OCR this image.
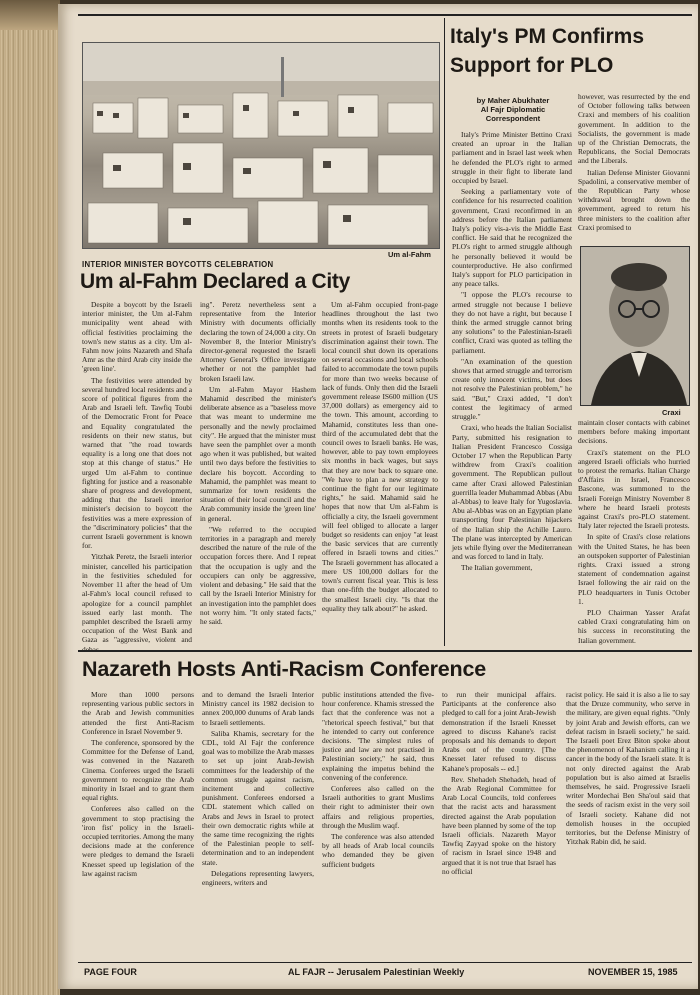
Um al-Fahm
INTERIOR MINISTER BOYCOTTS CELEBRATION
Um al-Fahm Declared a City

Despite a boycott by the Israeli interior minister, the Um al-Fahm municipality went ahead with official festivities proclaiming the town's new status as a city. Um al-Fahm now joins Nazareth and Shafa Amr as the third Arab city inside the 'green line'.

The festivities were attended by several hundred local residents and a score of political figures from the Arab and Israeli left. Tawfiq Toubi of the Democratic Front for Peace and Equality congratulated the residents on their new status, but warned that "the road towards equality is a long one that does not stop at this change of status." He urged Um al-Fahm to continue fighting for justice and a reasonable share of progress and development, adding that the Israeli interior minister's decision to boycott the festivities was a mere expression of the "discriminatory policies" that the current Israeli government is known for.

Yitzhak Peretz, the Israeli interior minister, cancelled his participation in the festivities scheduled for November 11 after the head of Um al-Fahm's local council refused to apologize for a council pamphlet issued early last month. The pamphlet described the Israeli army occupation of the West Bank and Gaza as "aggressive, violent and

ing". Peretz nevertheless sent a representative from the Interior Ministry with documents officially declaring the town of 24,000 a city. On November 8, the Interior Ministry's director-general requested the Israeli Attorney General's Office investigate whether or not the pamphlet had broken Israeli law.

Um al-Fahm Mayor Hashem Mahamid described the minister's deliberate absence as a "baseless move that was meant to undermine me personally and the newly proclaimed city". He argued that the minister must have seen the pamphlet over a month ago when it was published, but waited until two days before the festivities to declare his boycott. According to Mahamid, the pamphlet was meant to summarize for town residents the situation of their local council and the Arab community inside the 'green line' in general.

"We referred to the occupied territories in a paragraph and merely described the nature of the rule of the occupation forces there. And I repeat that the occupation is ugly and the occupiers can only be aggressive, violent and debasing." He said that the call by the Israeli Interior Ministry for an investigation into the pamphlet does not worry him. "It only stated facts," he said.

Um al-Fahm occupied front-page headlines throughout the last two months when its residents took to the streets in protest of Israeli budgetary discrimination against their town. The local council shut down its operations on several occasions and local schools failed to accommodate the town pupils for more than two weeks because of lack of funds. Only then did the Israeli government release IS600 million (US 37,000 dollars) as emergency aid to the town. This amount, according to Mahamid, constitutes less than one-third of the accumulated debt that the council owes to Israeli banks. He was, however, able to pay town employees six months in back wages, but says that they are now back to square one. "We have to plan a new strategy to continue the fight for our legitimate rights," he said. Mahamid said he hopes that now that Um al-Fahm is officially a city, the Israeli government will feel obliged to allocate a larger budget so residents can enjoy "at least the basic services that are currently offered in Israeli towns and cities." The Israeli government has allocated a mere US 100,000 dollars for the town's current fiscal year. This is less than one-fifth the budget allocated to the smallest Israeli city. "Is that the equality they talk about?" he asked.

Italy's PM Confirms Support for PLO
by Maher Abukhater
Al Fajr Diplomatic
Correspondent

Italy's Prime Minister Bettino Craxi created an uproar in the Italian parliament and in Israel last week when he defended the PLO's right to armed struggle in their fight to liberate land occupied by Israel.

Seeking a parliamentary vote of confidence for his resurrected coalition government, Craxi reconfirmed in an address before the Italian parliament Italy's policy vis-a-vis the Middle East conflict. He said that he recognized the PLO's right to armed struggle although he personally believed it would be counterproductive. He also confirmed Italy's support for PLO participation in any peace talks.

"I oppose the PLO's recourse to armed struggle not because I believe they do not have a right, but because I think the armed struggle cannot bring any solutions" to the Palestinian-Israeli conflict, Craxi was quoted as telling the parliament.

"An examination of the question shows that armed struggle and terrorism create only innocent victims, but does not resolve the Palestinian problem," he said. "But," Craxi added, "I don't contest the legitimacy of armed struggle."

Craxi, who heads the Italian Socialist Party, submitted his resignation to Italian President Francesco Cossiga October 17 when the Republican Party withdrew from Craxi's coalition government. The Republican pullout came after Craxi allowed Palestinian guerrilla leader Muhammad Abbas (Abu al-Abbas) to leave Italy for Yugoslavia. Abu al-Abbas was on an Egyptian plane transporting four Palestinian hijackers of the Italian ship the Achille Lauro. The plane was intercepted by American jets while flying over the Mediterranean and was forced to land in Italy.

The Italian government,

however, was resurrected by the end of October following talks between Craxi and members of his coalition government. In addition to the Socialists, the government is made up of the Christian Democrats, the Republicans, the Social Democrats and the Liberals.

Italian Defense Minister Giovanni Spadolini, a conservative member of the Republican Party whose withdrawal brought down the government, agreed to return his three ministers to the coalition after Craxi promised to

Craxi

maintain closer contacts with cabinet members before making important decisions.

Craxi's statement on the PLO angered Israeli officials who hurried to protest the remarks. Italian Charge d'Affairs in Israel, Francesco Bascone, was summoned to the Israeli Foreign Ministry November 8 where he heard Israeli protests against Craxi's pro-PLO statement. Italy later rejected the Israeli protests.

In spite of Craxi's close relations with the United States, he has been an outspoken supporter of Palestinian rights. Craxi issued a strong statement of condemnation against Israel following the air raid on the PLO headquarters in Tunis October 1.

PLO Chairman Yasser Arafat cabled Craxi congratulating him on his success in reconstituting the Italian government.

Nazareth Hosts Anti-Racism Conference

More than 1000 persons representing various public sectors in the Arab and Jewish communities attended the first Anti-Racism Conference in Israel November 9.

The conference, sponsored by the Committee for the Defense of Land, was convened in the Nazareth Cinema. Conferees urged the Israeli government to recognize the Arab minority in Israel and to grant them equal rights.

Conferees also called on the government to stop practising the 'iron fist' policy in the Israeli-occupied territories. Among the many decisions made at the conference were pledges to demand the Israeli Knesset speed up legislation of the law against racism

and to demand the Israeli Interior Ministry cancel its 1982 decision to annex 200,000 dunums of Arab lands to Israeli settlements.

Saliba Khamis, secretary for the CDL, told Al Fajr the conference goal was to mobilize the Arab masses to set up joint Arab-Jewish committees for the leadership of the common struggle against racism, incitement and collective punishment. Conferees endorsed a CDL statement which called on Arabs and Jews in Israel to protect their own democratic rights while at the same time recognizing the rights of the Palestinian people to self-determination and to an independent state.

Delegations representing lawyers, engineers, writers and

public institutions attended the five-hour conference. Khamis stressed the fact that the conference was not a "rhetorical speech festival," but that he intended to carry out conference decisions. 'The simplest rules of justice and law are not practised in Palestinian society," he said, thus explaining the impetus behind the convening of the conference.

Conferees also called on the Israeli authorities to grant Muslims their right to administer their own affairs and religious properties, through the Muslim waqf.

The conference was also attended by all heads of Arab local councils who demanded they be given sufficient budgets

to run their municipal affairs. Participants at the conference also pledged to call for a joint Arab-Jewish demonstration if the Israeli Knesset agreed to discuss Kahane's racist proposals and his demands to deport Arabs out of the country. [The Knesset later refused to discuss Kahane's proposals -- ed.]

Rev. Shehadeh Shehadeh, head of the Arab Regional Committee for Arab Local Councils, told conferees that the racist acts and harassment directed against the Arab population have been planned by some of the top Israeli officials. Nazareth Mayor Tawfiq Zayyad spoke on the history of racism in Israel since 1948 and argued that it is not true that Israel has no official

racist policy. He said it is also a lie to say that the Druze community, who serve in the military, are given equal rights. "Only by joint Arab and Jewish efforts, can we defeat racism in Israeli society," he said. The Israeli poet Erez Biton spoke about the phenomenon of Kahanism calling it a cancer in the body of the Israeli state. It is not only directed against the Arab population but is also aimed at Israelis themselves, he said. Progressive Israeli writer Mordechai Ben Sha'oul said that the seeds of racism exist in the very soil of Israeli society. Kahane did not demolish houses in the occupied territories, but the Defense Ministry of Yitzhak Rabin did, he said.

PAGE FOUR	AL FAJR -- Jerusalem Palestinian Weekly	NOVEMBER 15, 1985
